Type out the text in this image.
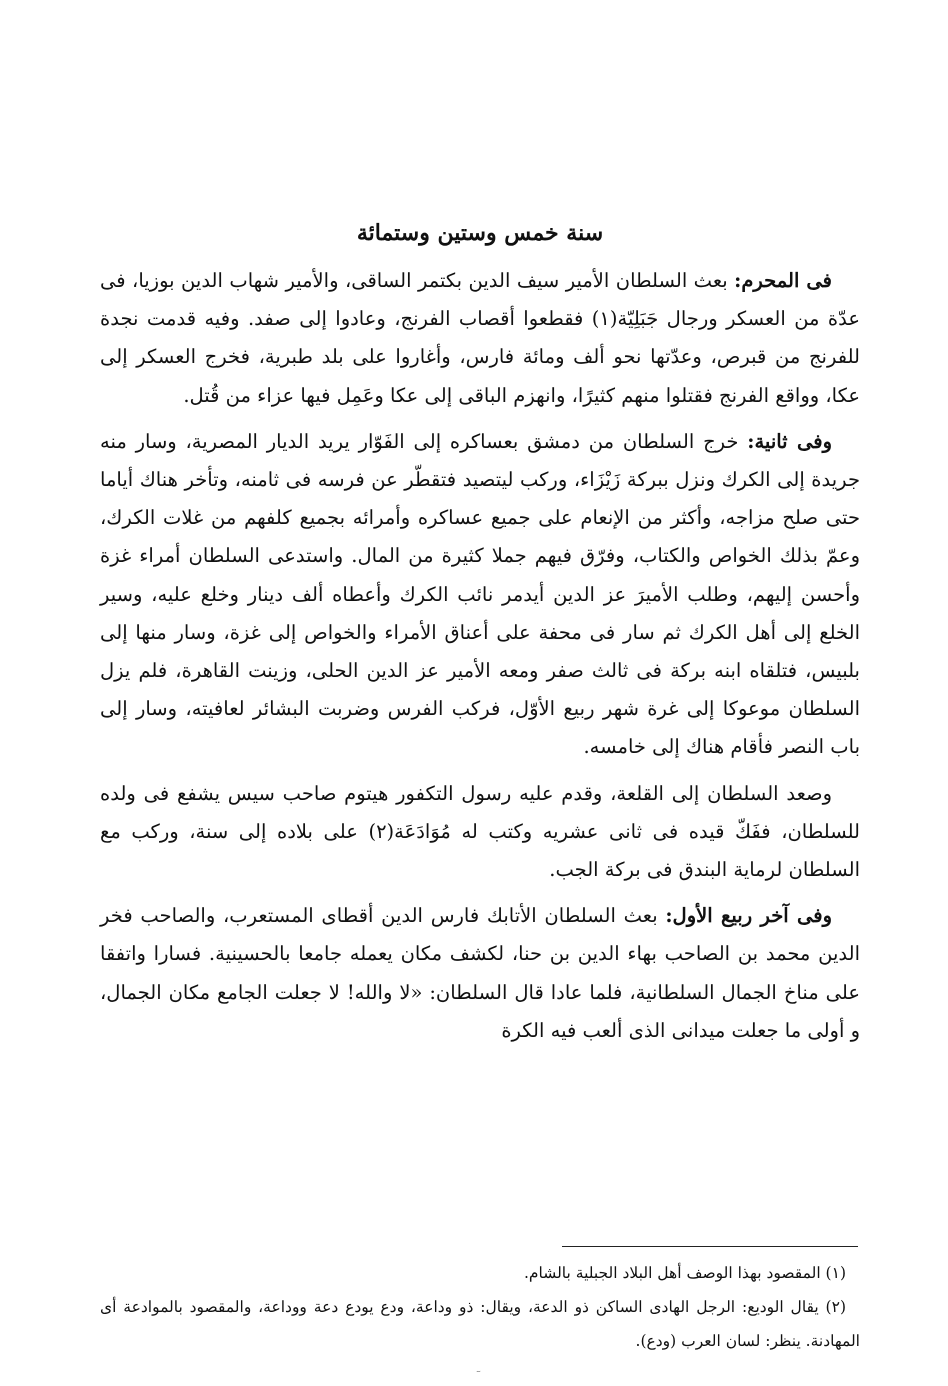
سنة خمس وستين وستمائة

فى المحرم: بعث السلطان الأمير سيف الدين بكتمر الساقى، والأمير شهاب الدين بوزيا، فى عدّة من العسكر ورجال جَبَلِيّة(١) فقطعوا أقصاب الفرنج، وعادوا إلى صفد. وفيه قدمت نجدة للفرنج من قبرص، وعدّتها نحو ألف ومائة فارس، وأغاروا على بلد طبرية، فخرج العسكر إلى عكا، وواقع الفرنج فقتلوا منهم كثيرًا، وانهزم الباقى إلى عكا وعَمِل فيها عزاء من قُتل.

وفى ثانية: خرج السلطان من دمشق بعساكره إلى الفَوّار يريد الديار المصرية، وسار منه جريدة إلى الكرك ونزل ببركة زَيْزَاء، وركب ليتصيد فتقطّر عن فرسه فى ثامنه، وتأخر هناك أياما حتى صلح مزاجه، وأكثر من الإنعام على جميع عساكره وأمرائه بجميع كلفهم من غلات الكرك، وعمّ بذلك الخواص والكتاب، وفرّق فيهم جملا كثيرة من المال. واستدعى السلطان أمراء غزة وأحسن إليهم، وطلب الأميرَ عز الدين أيدمر نائب الكرك وأعطاه ألف دينار وخلع عليه، وسير الخلع إلى أهل الكرك ثم سار فى محفة على أعناق الأمراء والخواص إلى غزة، وسار منها إلى بلبيس، فتلقاه ابنه بركة فى ثالث صفر ومعه الأمير عز الدين الحلى، وزينت القاهرة، فلم يزل السلطان موعوكا إلى غرة شهر ربيع الأوّل، فركب الفرس وضربت البشائر لعافيته، وسار إلى باب النصر فأقام هناك إلى خامسه.

وصعد السلطان إلى القلعة، وقدم عليه رسول التكفور هيتوم صاحب سيس يشفع فى ولده للسلطان، ففَكّ قيده فى ثانى عشريه وكتب له مُوَادَعَة(٢) على بلاده إلى سنة، وركب مع السلطان لرماية البندق فى بركة الجب.

وفى آخر ربيع الأول: بعث السلطان الأتابك فارس الدين أقطاى المستعرب، والصاحب فخر الدين محمد بن الصاحب بهاء الدين بن حنا، لكشف مكان يعمله جامعا بالحسينية. فسارا واتفقا على مناخ الجمال السلطانية، فلما عادا قال السلطان: «لا والله! لا جعلت الجامع مكان الجمال، و أولى ما جعلت ميدانى الذى ألعب فيه الكرة

(١) المقصود بهذا الوصف أهل البلاد الجبلية بالشام.

(٢) يقال الوديع: الرجل الهادى الساكن ذو الدعة، ويقال: ذو وداعة، ودع يودع دعة ووداعة، والمقصود بالموادعة أى المهادنة. ينظر: لسان العرب (ودع).
